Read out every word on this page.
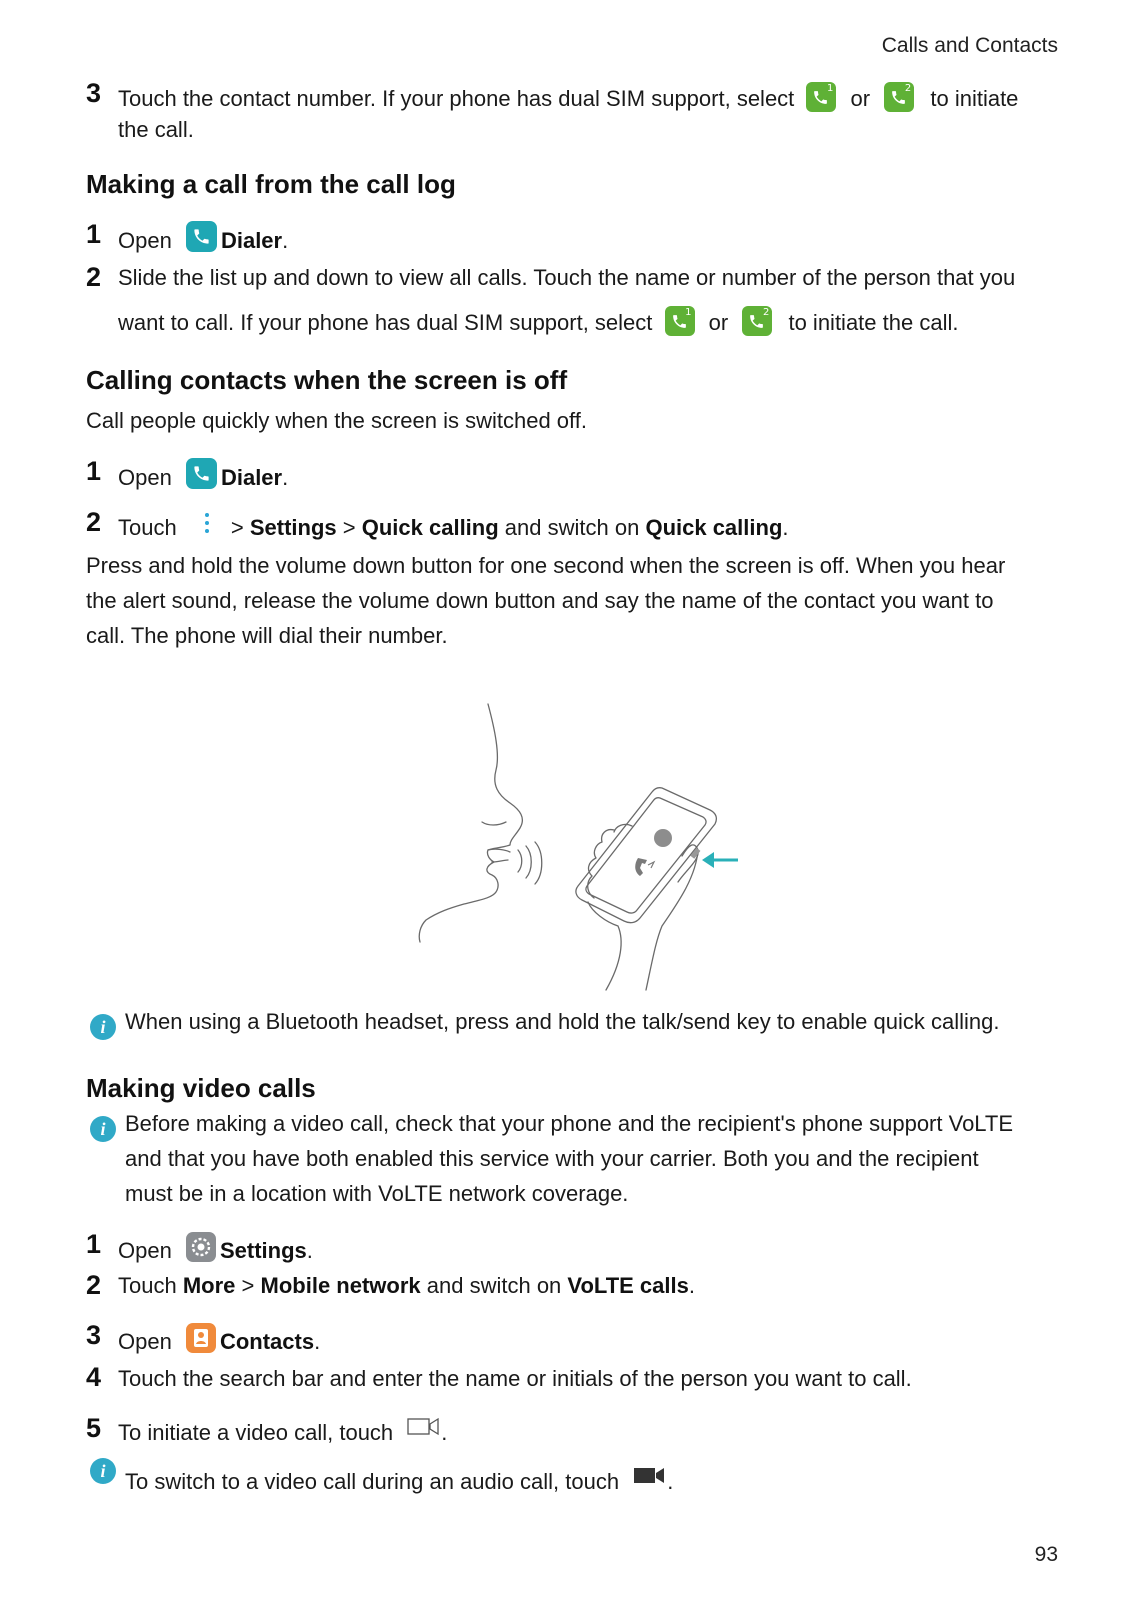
Calls and Contacts
3 Touch the contact number. If your phone has dual SIM support, select	1 or	2 to initiate
the call.
Making a call from the call log
1 Open Dialer.
2 Slide the list up and down to view all calls. Touch the name or number of the person that you
want to call. If your phone has dual SIM support, select	1 or	2 to initiate the call.
Calling contacts when the screen is off
Call people quickly when the screen is switched off.
1 Open Dialer.
2 Touch > Settings > Quick calling and switch on Quick calling.
Press and hold the volume down button for one second when the screen is off. When you hear
the alert sound, release the volume down button and say the name of the contact you want to
call. The phone will dial their number.
i When using a Bluetooth headset, press and hold the talk/send key to enable quick calling.
Making video calls
i Before making a video call, check that your phone and the recipient's phone support VoLTE
and that you have both enabled this service with your carrier. Both you and the recipient
must be in a location with VoLTE network coverage.
1 Open Settings.
2 Touch More > Mobile network and switch on VoLTE calls.
3 Open Contacts.
4 Touch the search bar and enter the name or initials of the person you want to call.
5 To initiate a video call, touch .
i To switch to a video call during an audio call, touch .
93
